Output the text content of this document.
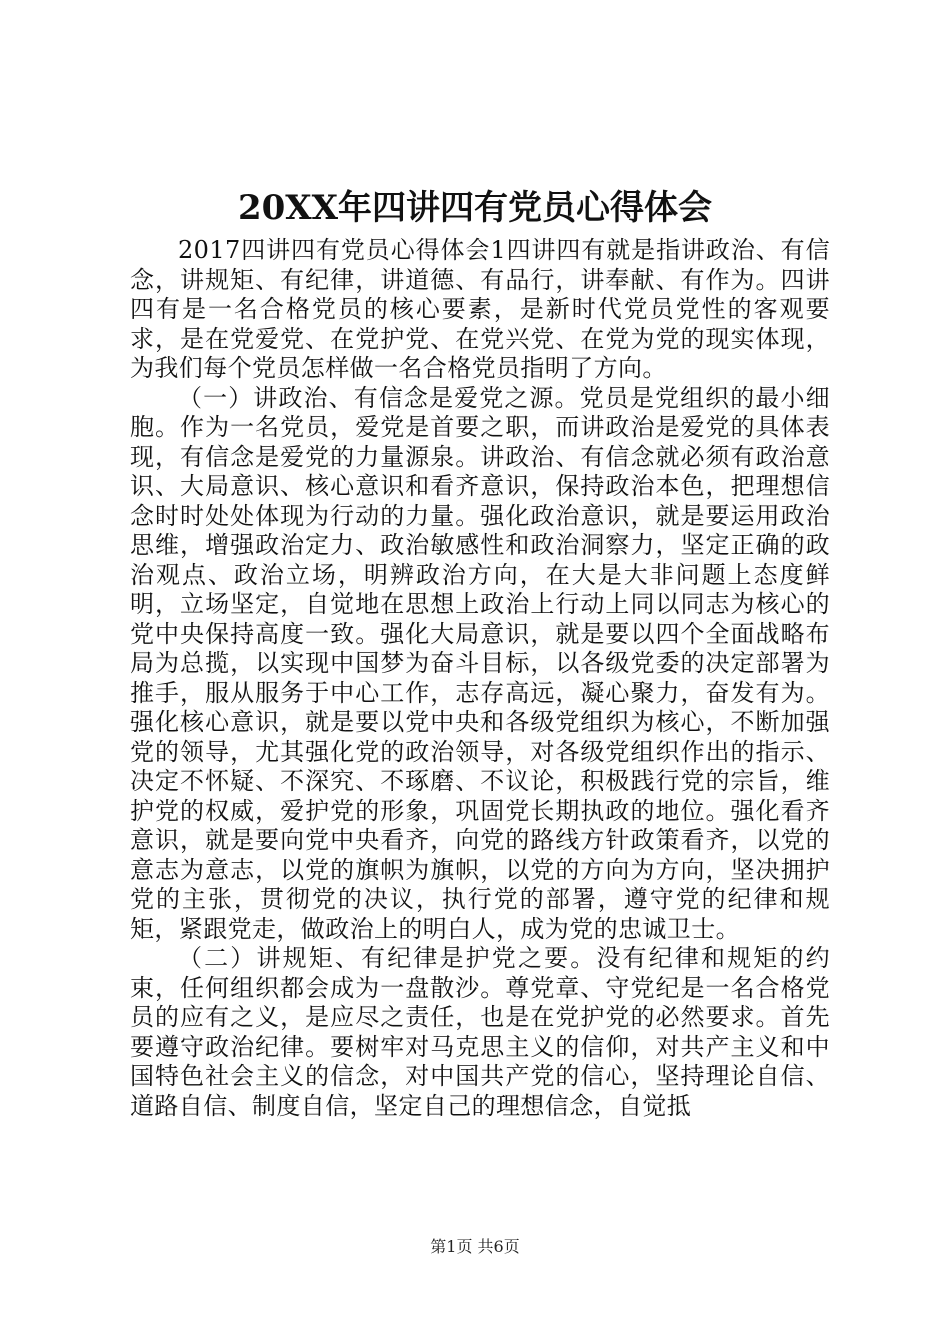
20XX年四讲四有党员心得体会

2017四讲四有党员心得体会1四讲四有就是指讲政治、有信念，讲规矩、有纪律，讲道德、有品行，讲奉献、有作为。四讲四有是一名合格党员的核心要素，是新时代党员党性的客观要求，是在党爱党、在党护党、在党兴党、在党为党的现实体现，为我们每个党员怎样做一名合格党员指明了方向。

（一）讲政治、有信念是爱党之源。党员是党组织的最小细胞。作为一名党员，爱党是首要之职，而讲政治是爱党的具体表现，有信念是爱党的力量源泉。讲政治、有信念就必须有政治意识、大局意识、核心意识和看齐意识，保持政治本色，把理想信念时时处处体现为行动的力量。强化政治意识，就是要运用政治思维，增强政治定力、政治敏感性和政治洞察力，坚定正确的政治观点、政治立场，明辨政治方向，在大是大非问题上态度鲜明，立场坚定，自觉地在思想上政治上行动上同以同志为核心的党中央保持高度一致。强化大局意识，就是要以四个全面战略布局为总揽，以实现中国梦为奋斗目标，以各级党委的决定部署为推手，服从服务于中心工作，志存高远，凝心聚力，奋发有为。强化核心意识，就是要以党中央和各级党组织为核心，不断加强党的领导，尤其强化党的政治领导，对各级党组织作出的指示、决定不怀疑、不深究、不琢磨、不议论，积极践行党的宗旨，维护党的权威，爱护党的形象，巩固党长期执政的地位。强化看齐意识，就是要向党中央看齐，向党的路线方针政策看齐，以党的意志为意志，以党的旗帜为旗帜，以党的方向为方向，坚决拥护党的主张，贯彻党的决议，执行党的部署，遵守党的纪律和规矩，紧跟党走，做政治上的明白人，成为党的忠诚卫士。

（二）讲规矩、有纪律是护党之要。没有纪律和规矩的约束，任何组织都会成为一盘散沙。尊党章、守党纪是一名合格党员的应有之义，是应尽之责任，也是在党护党的必然要求。首先要遵守政治纪律。要树牢对马克思主义的信仰，对共产主义和中国特色社会主义的信念，对中国共产党的信心，坚持理论自信、道路自信、制度自信，坚定自己的理想信念，自觉抵

第1页 共6页
